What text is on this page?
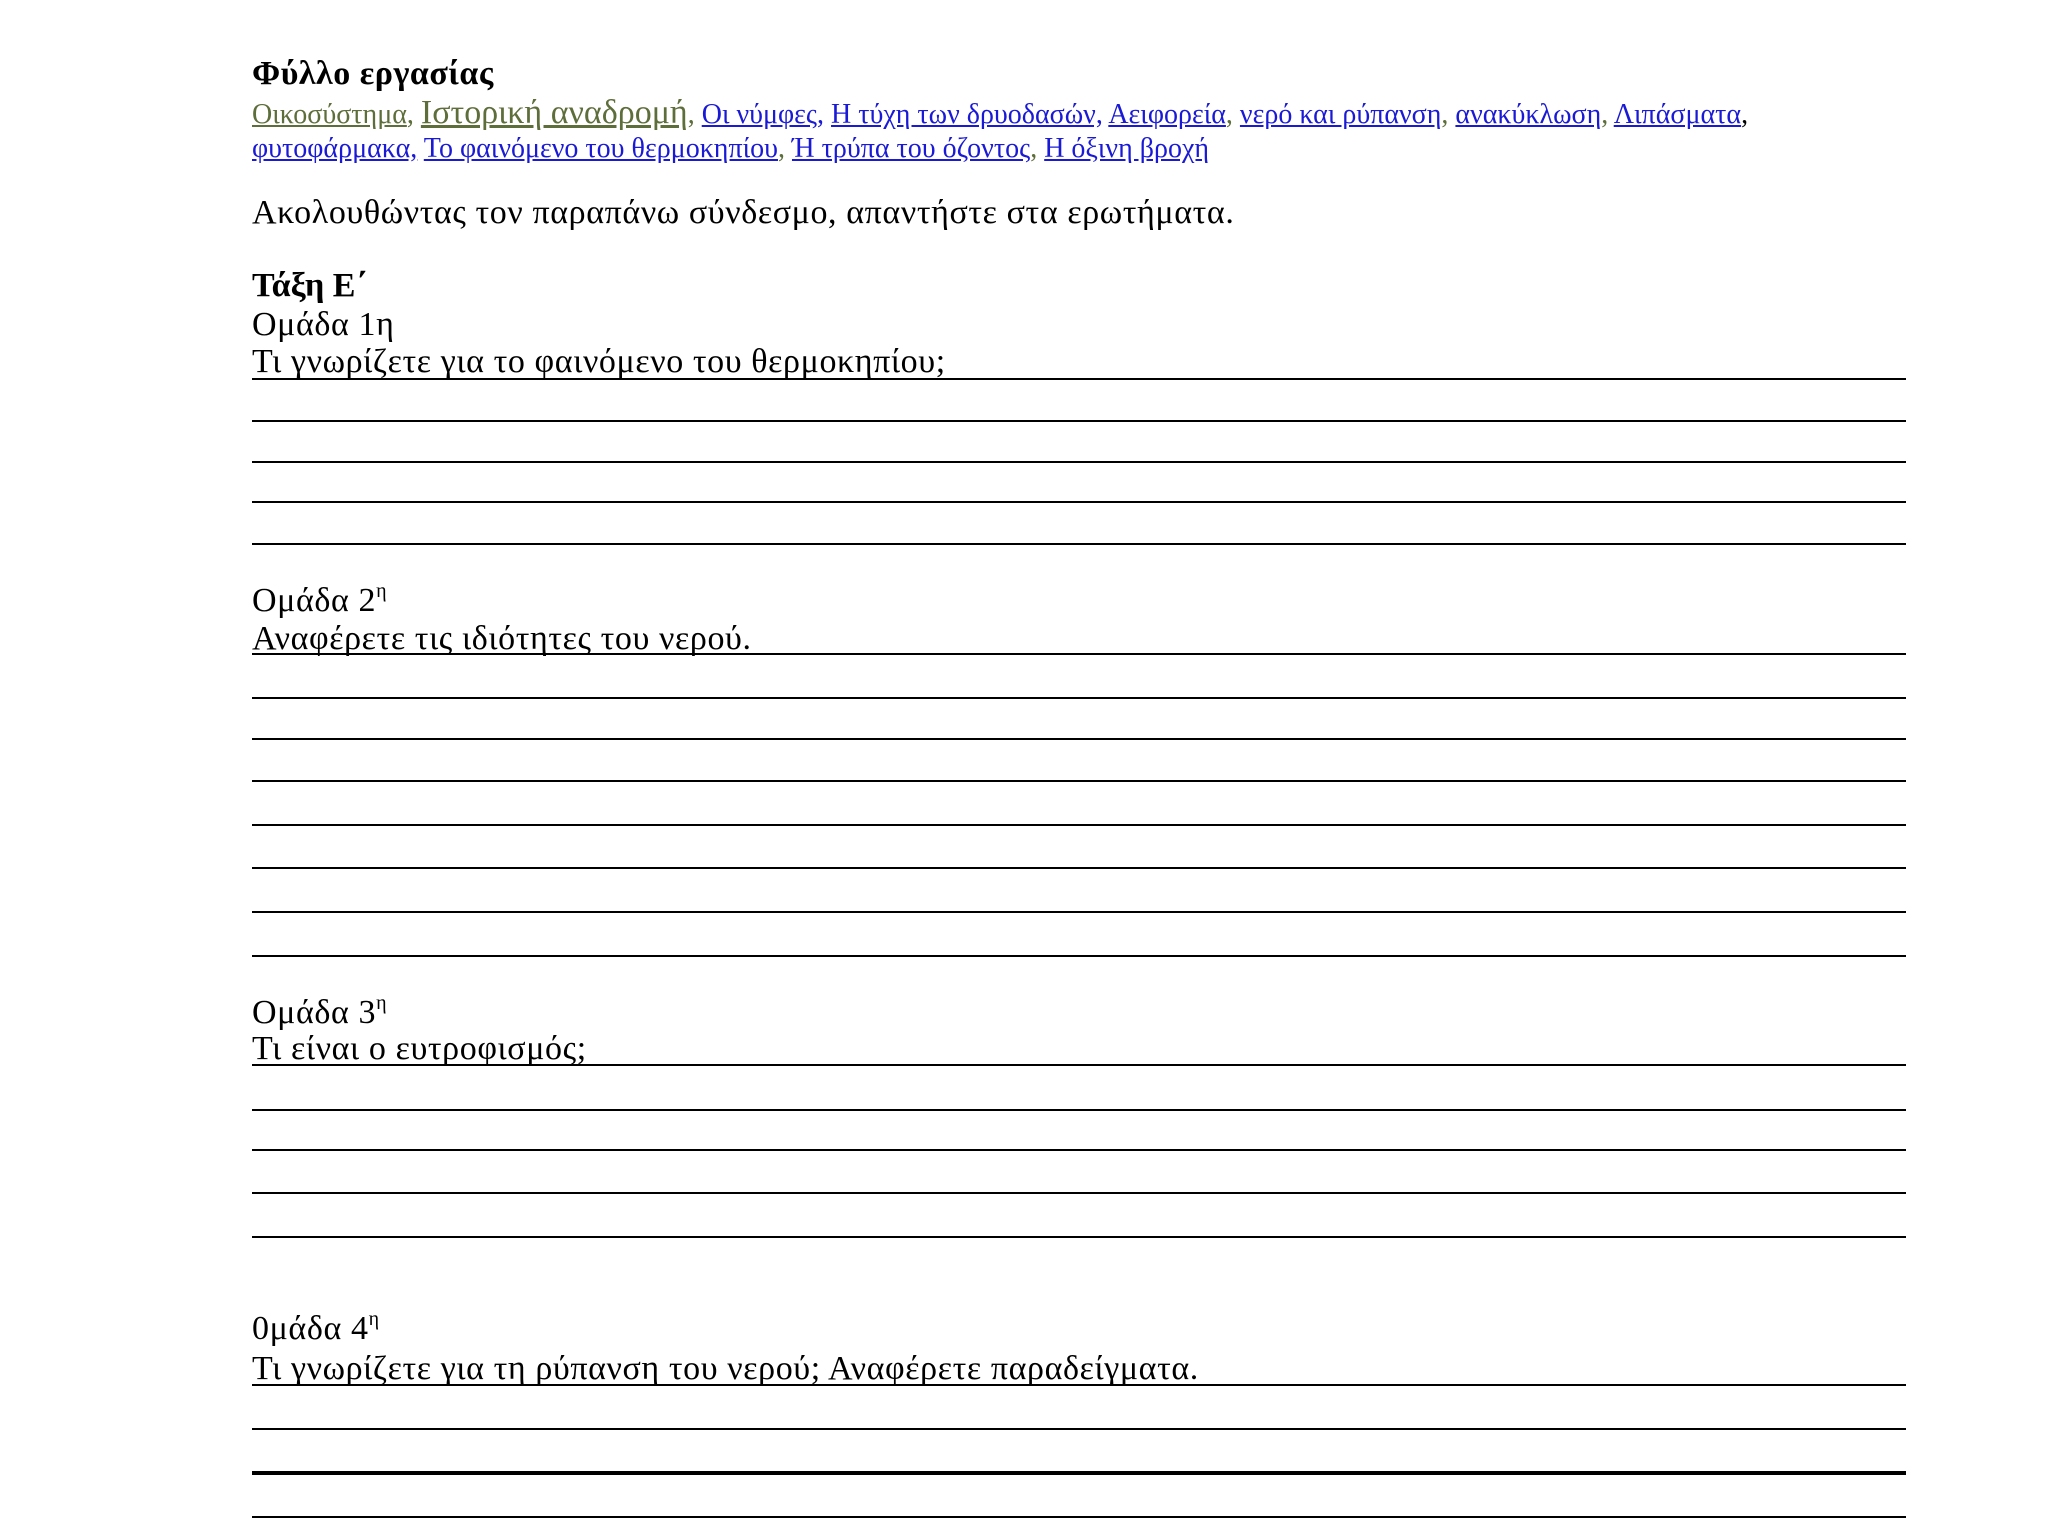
Φύλλο εργασίας
Οικοσύστημα, Ιστορική αναδρομή, Οι νύμφες, Η τύχη των δρυοδασών, Αειφορεία, νερό και ρύπανση, ανακύκλωση, Λιπάσματα, φυτοφάρμακα, Το φαινόμενο του θερμοκηπίου, Ή τρύπα του όζοντος, Η όξινη βροχή
Ακολουθώντας τον παραπάνω σύνδεσμο, απαντήστε στα ερωτήματα.
Τάξη Ε΄
Ομάδα 1η
Τι γνωρίζετε για το φαινόμενο του θερμοκηπίου;
Ομάδα $2^\eta$
Αναφέρετε τις ιδιότητες του νερού.
Ομάδα $3^\eta$
Τι είναι ο ευτροφισμός;
0μάδα $4^\eta$
Τι γνωρίζετε για τη ρύπανση του νερού; Αναφέρετε παραδείγματα.
